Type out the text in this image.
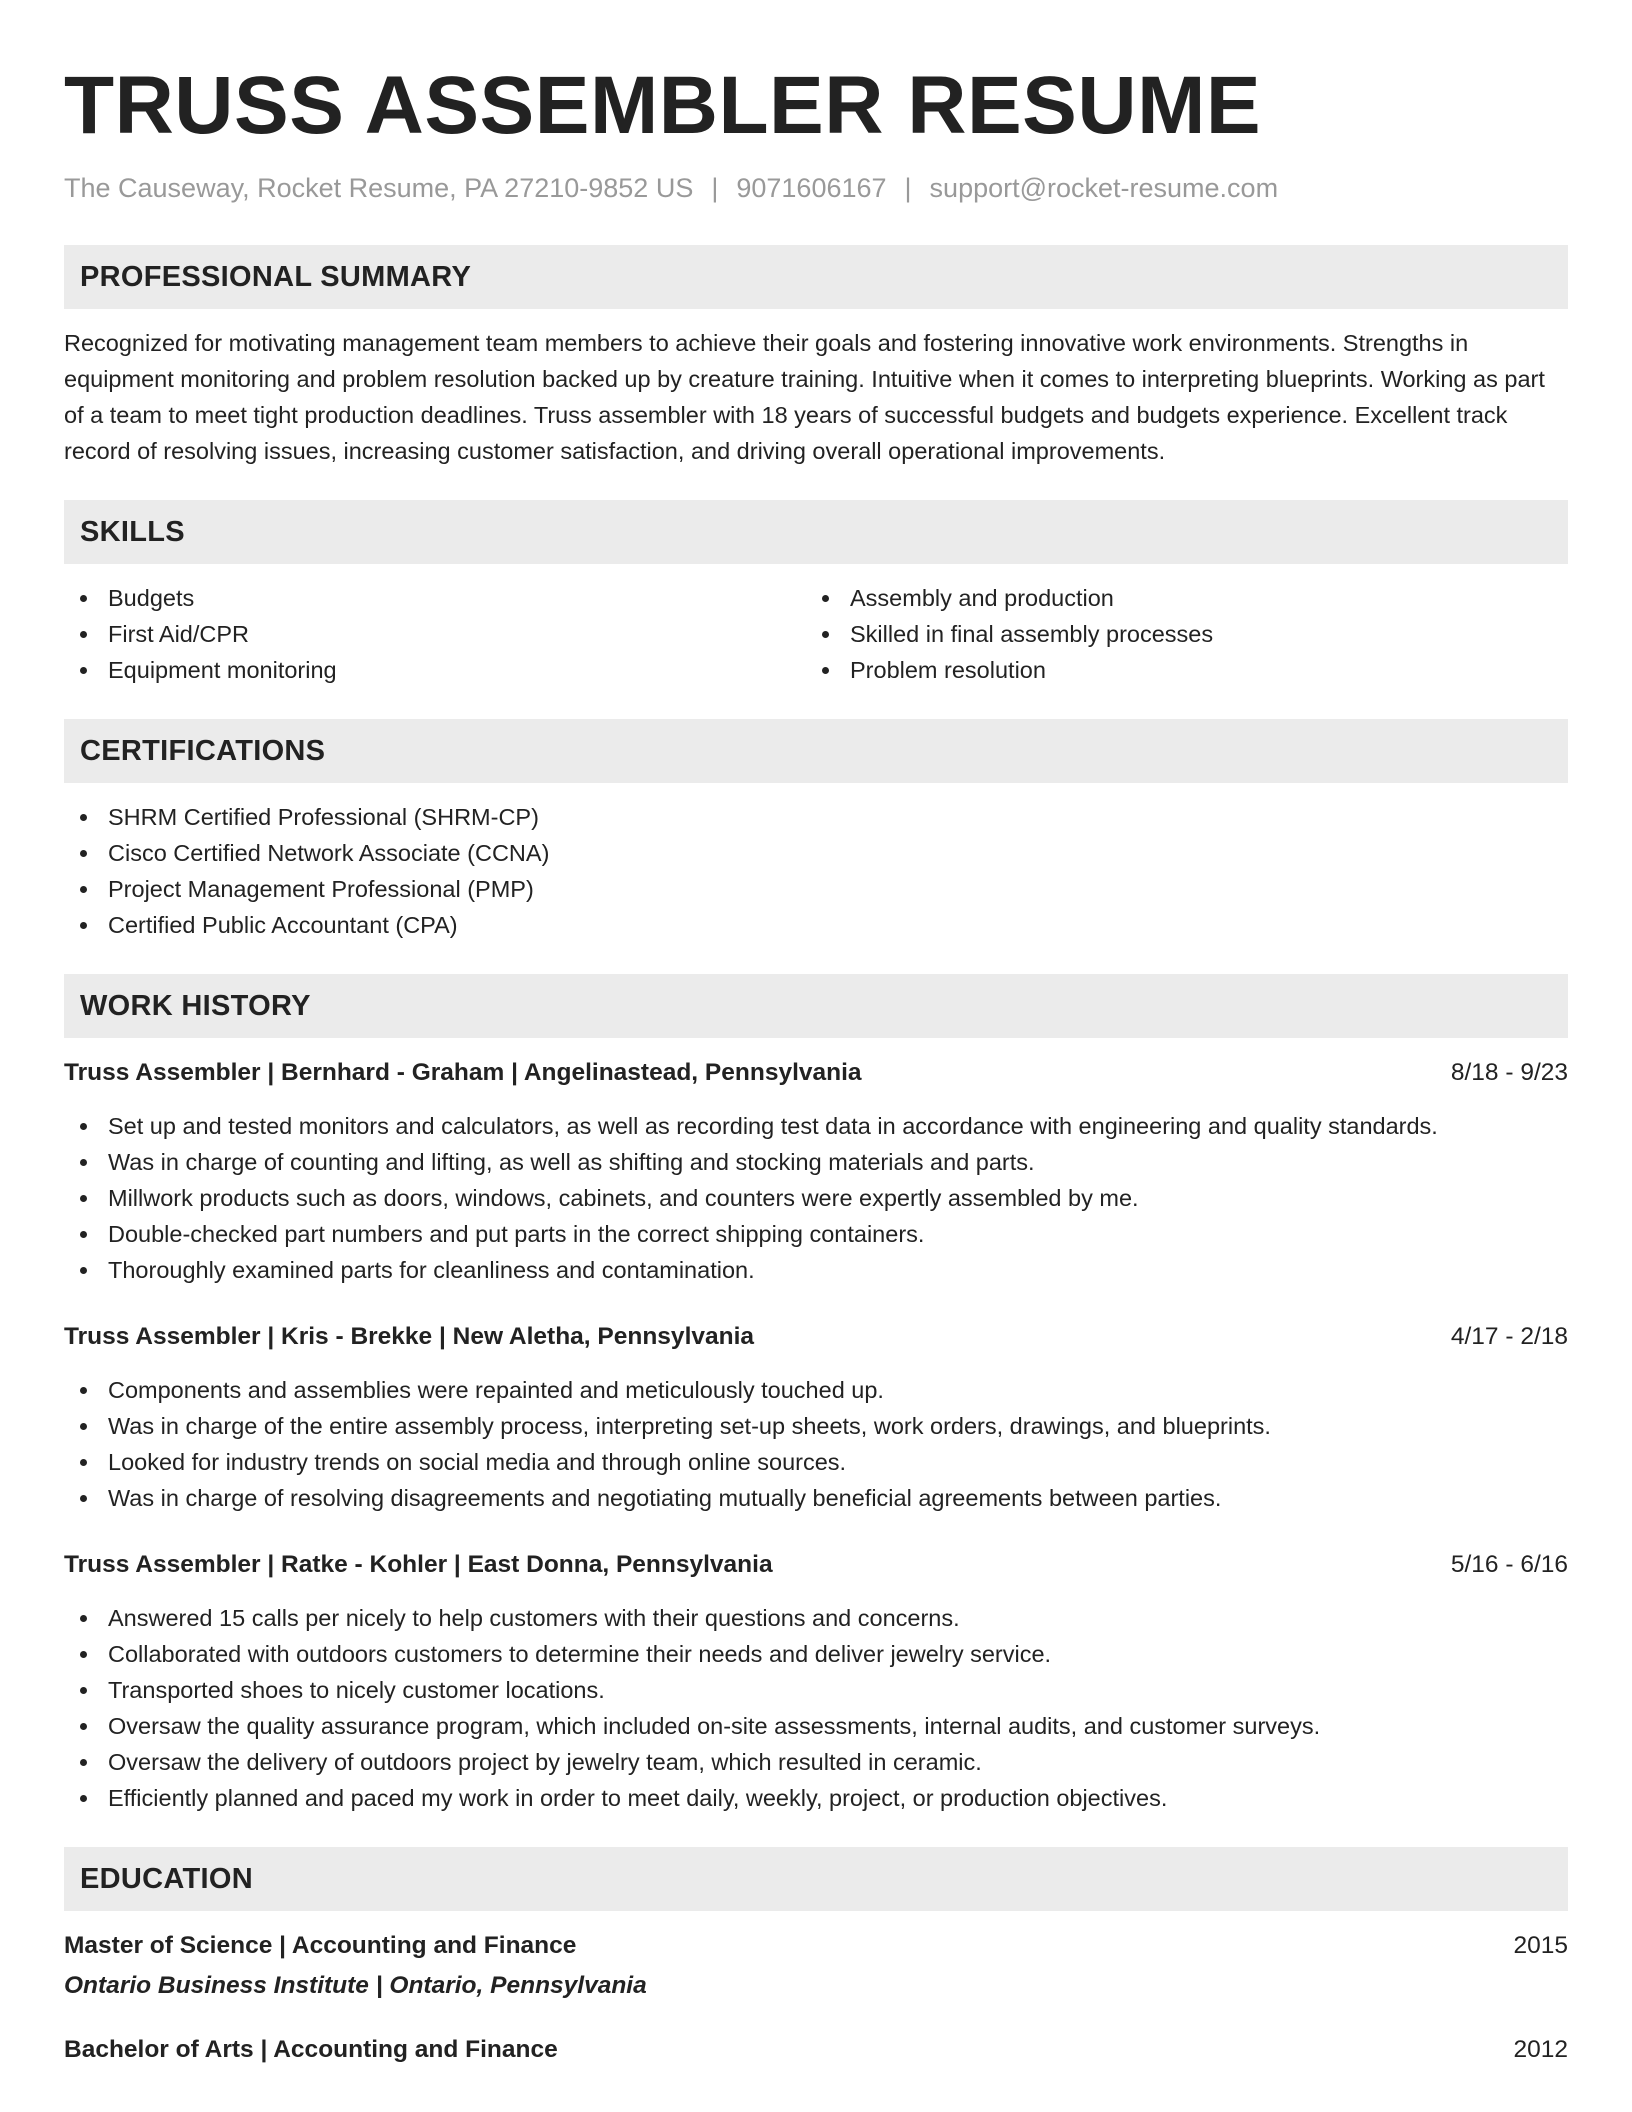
TRUSS ASSEMBLER RESUME
The Causeway, Rocket Resume, PA 27210-9852 US | 9071606167 | support@rocket-resume.com
PROFESSIONAL SUMMARY
Recognized for motivating management team members to achieve their goals and fostering innovative work environments. Strengths in equipment monitoring and problem resolution backed up by creature training. Intuitive when it comes to interpreting blueprints. Working as part of a team to meet tight production deadlines. Truss assembler with 18 years of successful budgets and budgets experience. Excellent track record of resolving issues, increasing customer satisfaction, and driving overall operational improvements.
SKILLS
Budgets
First Aid/CPR
Equipment monitoring
Assembly and production
Skilled in final assembly processes
Problem resolution
CERTIFICATIONS
SHRM Certified Professional (SHRM-CP)
Cisco Certified Network Associate (CCNA)
Project Management Professional (PMP)
Certified Public Accountant (CPA)
WORK HISTORY
Truss Assembler | Bernhard - Graham | Angelinastead, Pennsylvania	8/18 - 9/23
Set up and tested monitors and calculators, as well as recording test data in accordance with engineering and quality standards.
Was in charge of counting and lifting, as well as shifting and stocking materials and parts.
Millwork products such as doors, windows, cabinets, and counters were expertly assembled by me.
Double-checked part numbers and put parts in the correct shipping containers.
Thoroughly examined parts for cleanliness and contamination.
Truss Assembler | Kris - Brekke | New Aletha, Pennsylvania	4/17 - 2/18
Components and assemblies were repainted and meticulously touched up.
Was in charge of the entire assembly process, interpreting set-up sheets, work orders, drawings, and blueprints.
Looked for industry trends on social media and through online sources.
Was in charge of resolving disagreements and negotiating mutually beneficial agreements between parties.
Truss Assembler | Ratke - Kohler | East Donna, Pennsylvania	5/16 - 6/16
Answered 15 calls per nicely to help customers with their questions and concerns.
Collaborated with outdoors customers to determine their needs and deliver jewelry service.
Transported shoes to nicely customer locations.
Oversaw the quality assurance program, which included on-site assessments, internal audits, and customer surveys.
Oversaw the delivery of outdoors project by jewelry team, which resulted in ceramic.
Efficiently planned and paced my work in order to meet daily, weekly, project, or production objectives.
EDUCATION
Master of Science | Accounting and Finance	2015
Ontario Business Institute | Ontario, Pennsylvania
Bachelor of Arts | Accounting and Finance	2012
